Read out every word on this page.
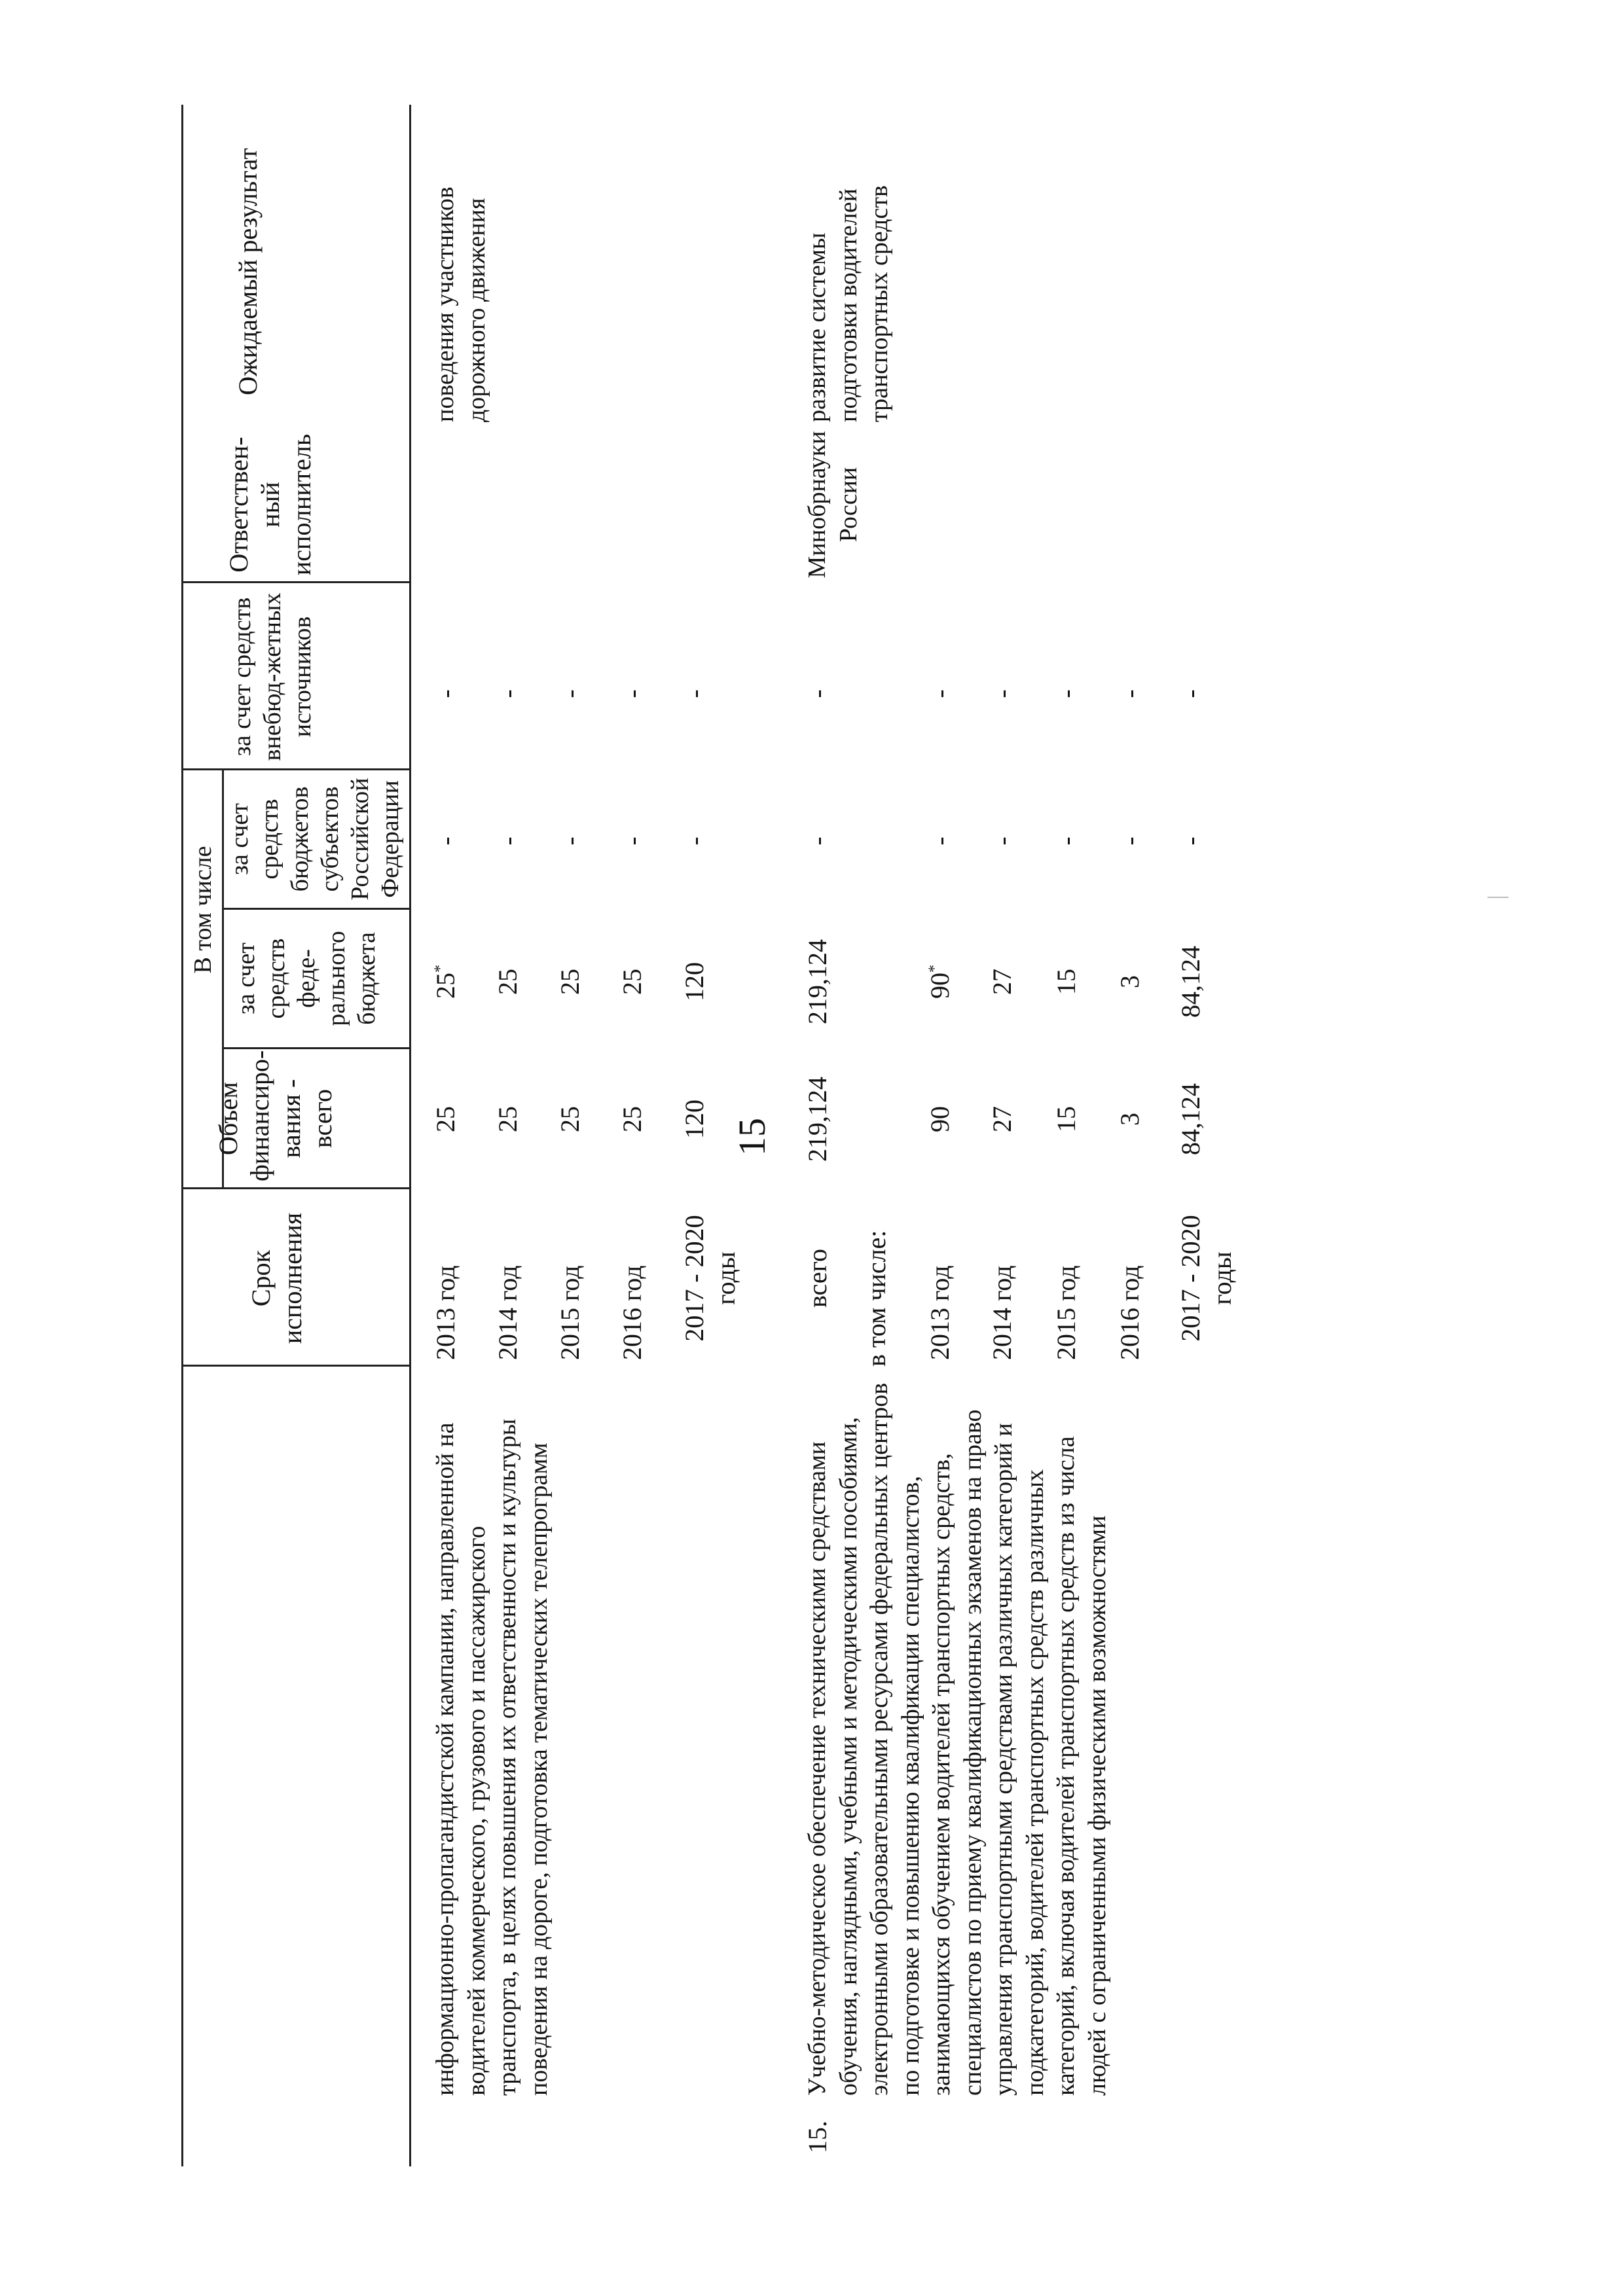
15
Срок исполнения
Объем финансиро-вания - всего
В том числе
за счет средств феде-рального бюджета
за счет средств бюджетов субъектов Российской Федерации
за счет средств внебюд-жетных источников
Ответствен-ный исполнитель
Ожидаемый результат
информационно-пропагандистской кампании, направленной на водителей коммерческого, грузового и пассажирского транспорта, в целях повышения их ответственности и культуры поведения на дороге, подготовка тематических телепрограмм
поведения участников дорожного движения
2013 год
25
25*
-
-
2014 год
25
25
-
-
2015 год
25
25
-
-
2016 год
25
25
-
-
2017 - 2020 годы
120
120
-
-
15.
Учебно-методическое обеспечение техническими средствами обучения, наглядными, учебными и методическими пособиями, электронными образовательными ресурсами федеральных центров по подготовке и повышению квалификации специалистов, занимающихся обучением водителей транспортных средств, специалистов по приему квалификационных экзаменов на право управления транспортными средствами различных категорий и подкатегорий, водителей транспортных средств различных категорий, включая водителей транспортных средств из числа людей с ограниченными физическими возможностями
Минобрнауки России
развитие системы подготовки водителей транспортных средств
всего
219,124
219,124
-
-
в том числе: 2013 год
90
90*
-
-
2014 год
27
27
-
-
2015 год
15
15
-
-
2016 год
3
3
-
-
2017 - 2020 годы
84,124
84,124
-
-
